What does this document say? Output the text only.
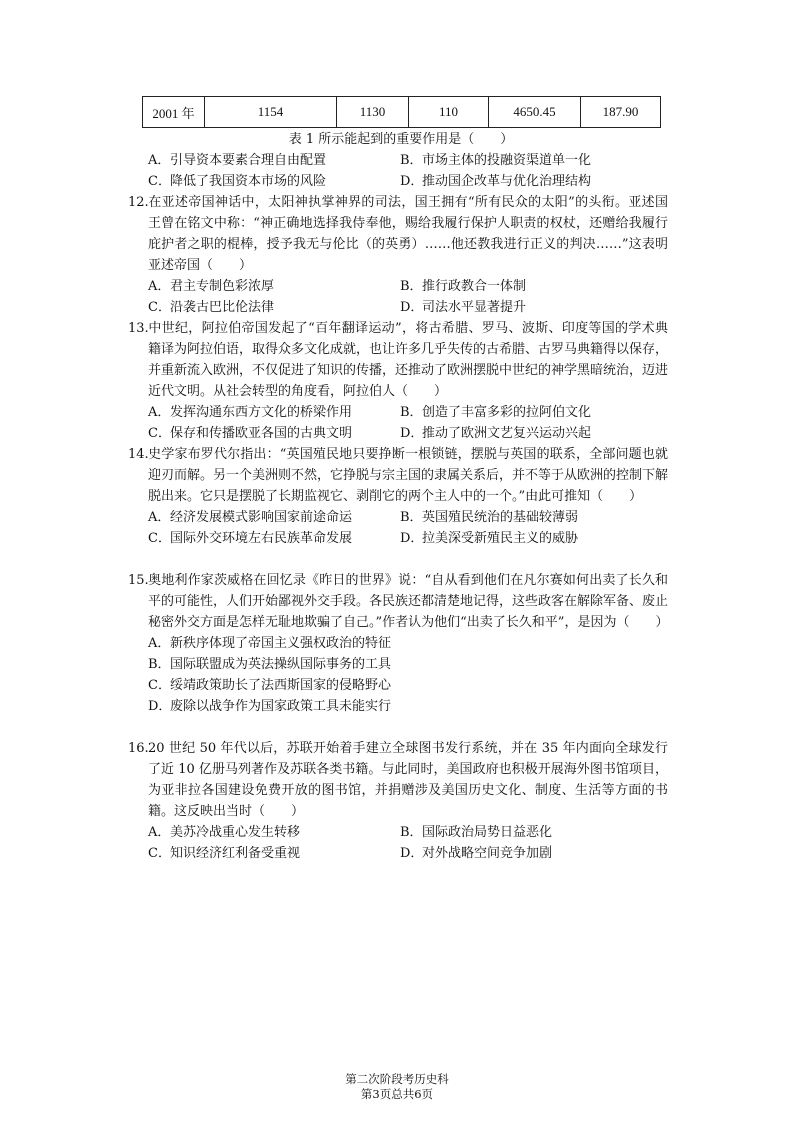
2001 年	1154	1130	110	4650.45	187.90
表 1 所示能起到的重要作用是（　　）
A．引导资本要素合理自由配置	B．市场主体的投融资渠道单一化
C．降低了我国资本市场的风险	D．推动国企改革与优化治理结构
12.在亚述帝国神话中，太阳神执掌神界的司法，国王拥有“所有民众的太阳”的头衔。亚述国王曾在铭文中称：“神正确地选择我侍奉他，赐给我履行保护人职责的权杖，还赠给我履行庇护者之职的棍棒，授予我无与伦比（的英勇）……他还教我进行正义的判决……”这表明亚述帝国（　　）
A．君主专制色彩浓厚	B．推行政教合一体制
C．沿袭古巴比伦法律	D．司法水平显著提升
13.中世纪，阿拉伯帝国发起了“百年翻译运动”，将古希腊、罗马、波斯、印度等国的学术典籍译为阿拉伯语，取得众多文化成就，也让许多几乎失传的古希腊、古罗马典籍得以保存，并重新流入欧洲，不仅促进了知识的传播，还推动了欧洲摆脱中世纪的神学黑暗统治，迈进近代文明。从社会转型的角度看，阿拉伯人（　　）
A．发挥沟通东西方文化的桥梁作用	B．创造了丰富多彩的拉阿伯文化
C．保存和传播欧亚各国的古典文明	D．推动了欧洲文艺复兴运动兴起
14.史学家布罗代尔指出：“英国殖民地只要挣断一根锁链，摆脱与英国的联系，全部问题也就迎刃而解。另一个美洲则不然，它挣脱与宗主国的隶属关系后，并不等于从欧洲的控制下解脱出来。它只是摆脱了长期监视它、剥削它的两个主人中的一个。”由此可推知（　　）
A．经济发展模式影响国家前途命运	B．英国殖民统治的基础较薄弱
C．国际外交环境左右民族革命发展	D．拉美深受新殖民主义的威胁
15.奥地利作家茨威格在回忆录《昨日的世界》说：“自从看到他们在凡尔赛如何出卖了长久和平的可能性，人们开始鄙视外交手段。各民族还都清楚地记得，这些政客在解除军备、废止秘密外交方面是怎样无耻地欺骗了自己。”作者认为他们“出卖了长久和平”，是因为（　　）
A．新秩序体现了帝国主义强权政治的特征
B．国际联盟成为英法操纵国际事务的工具
C．绥靖政策助长了法西斯国家的侵略野心
D．废除以战争作为国家政策工具未能实行
16.20 世纪 50 年代以后，苏联开始着手建立全球图书发行系统，并在 35 年内面向全球发行了近 10 亿册马列著作及苏联各类书籍。与此同时，美国政府也积极开展海外图书馆项目，为亚非拉各国建设免费开放的图书馆，并捐赠涉及美国历史文化、制度、生活等方面的书籍。这反映出当时（　　）
A．美苏冷战重心发生转移	B．国际政治局势日益恶化
C．知识经济红利备受重视	D．对外战略空间竞争加剧
第二次阶段考历史科
第3页总共6页
